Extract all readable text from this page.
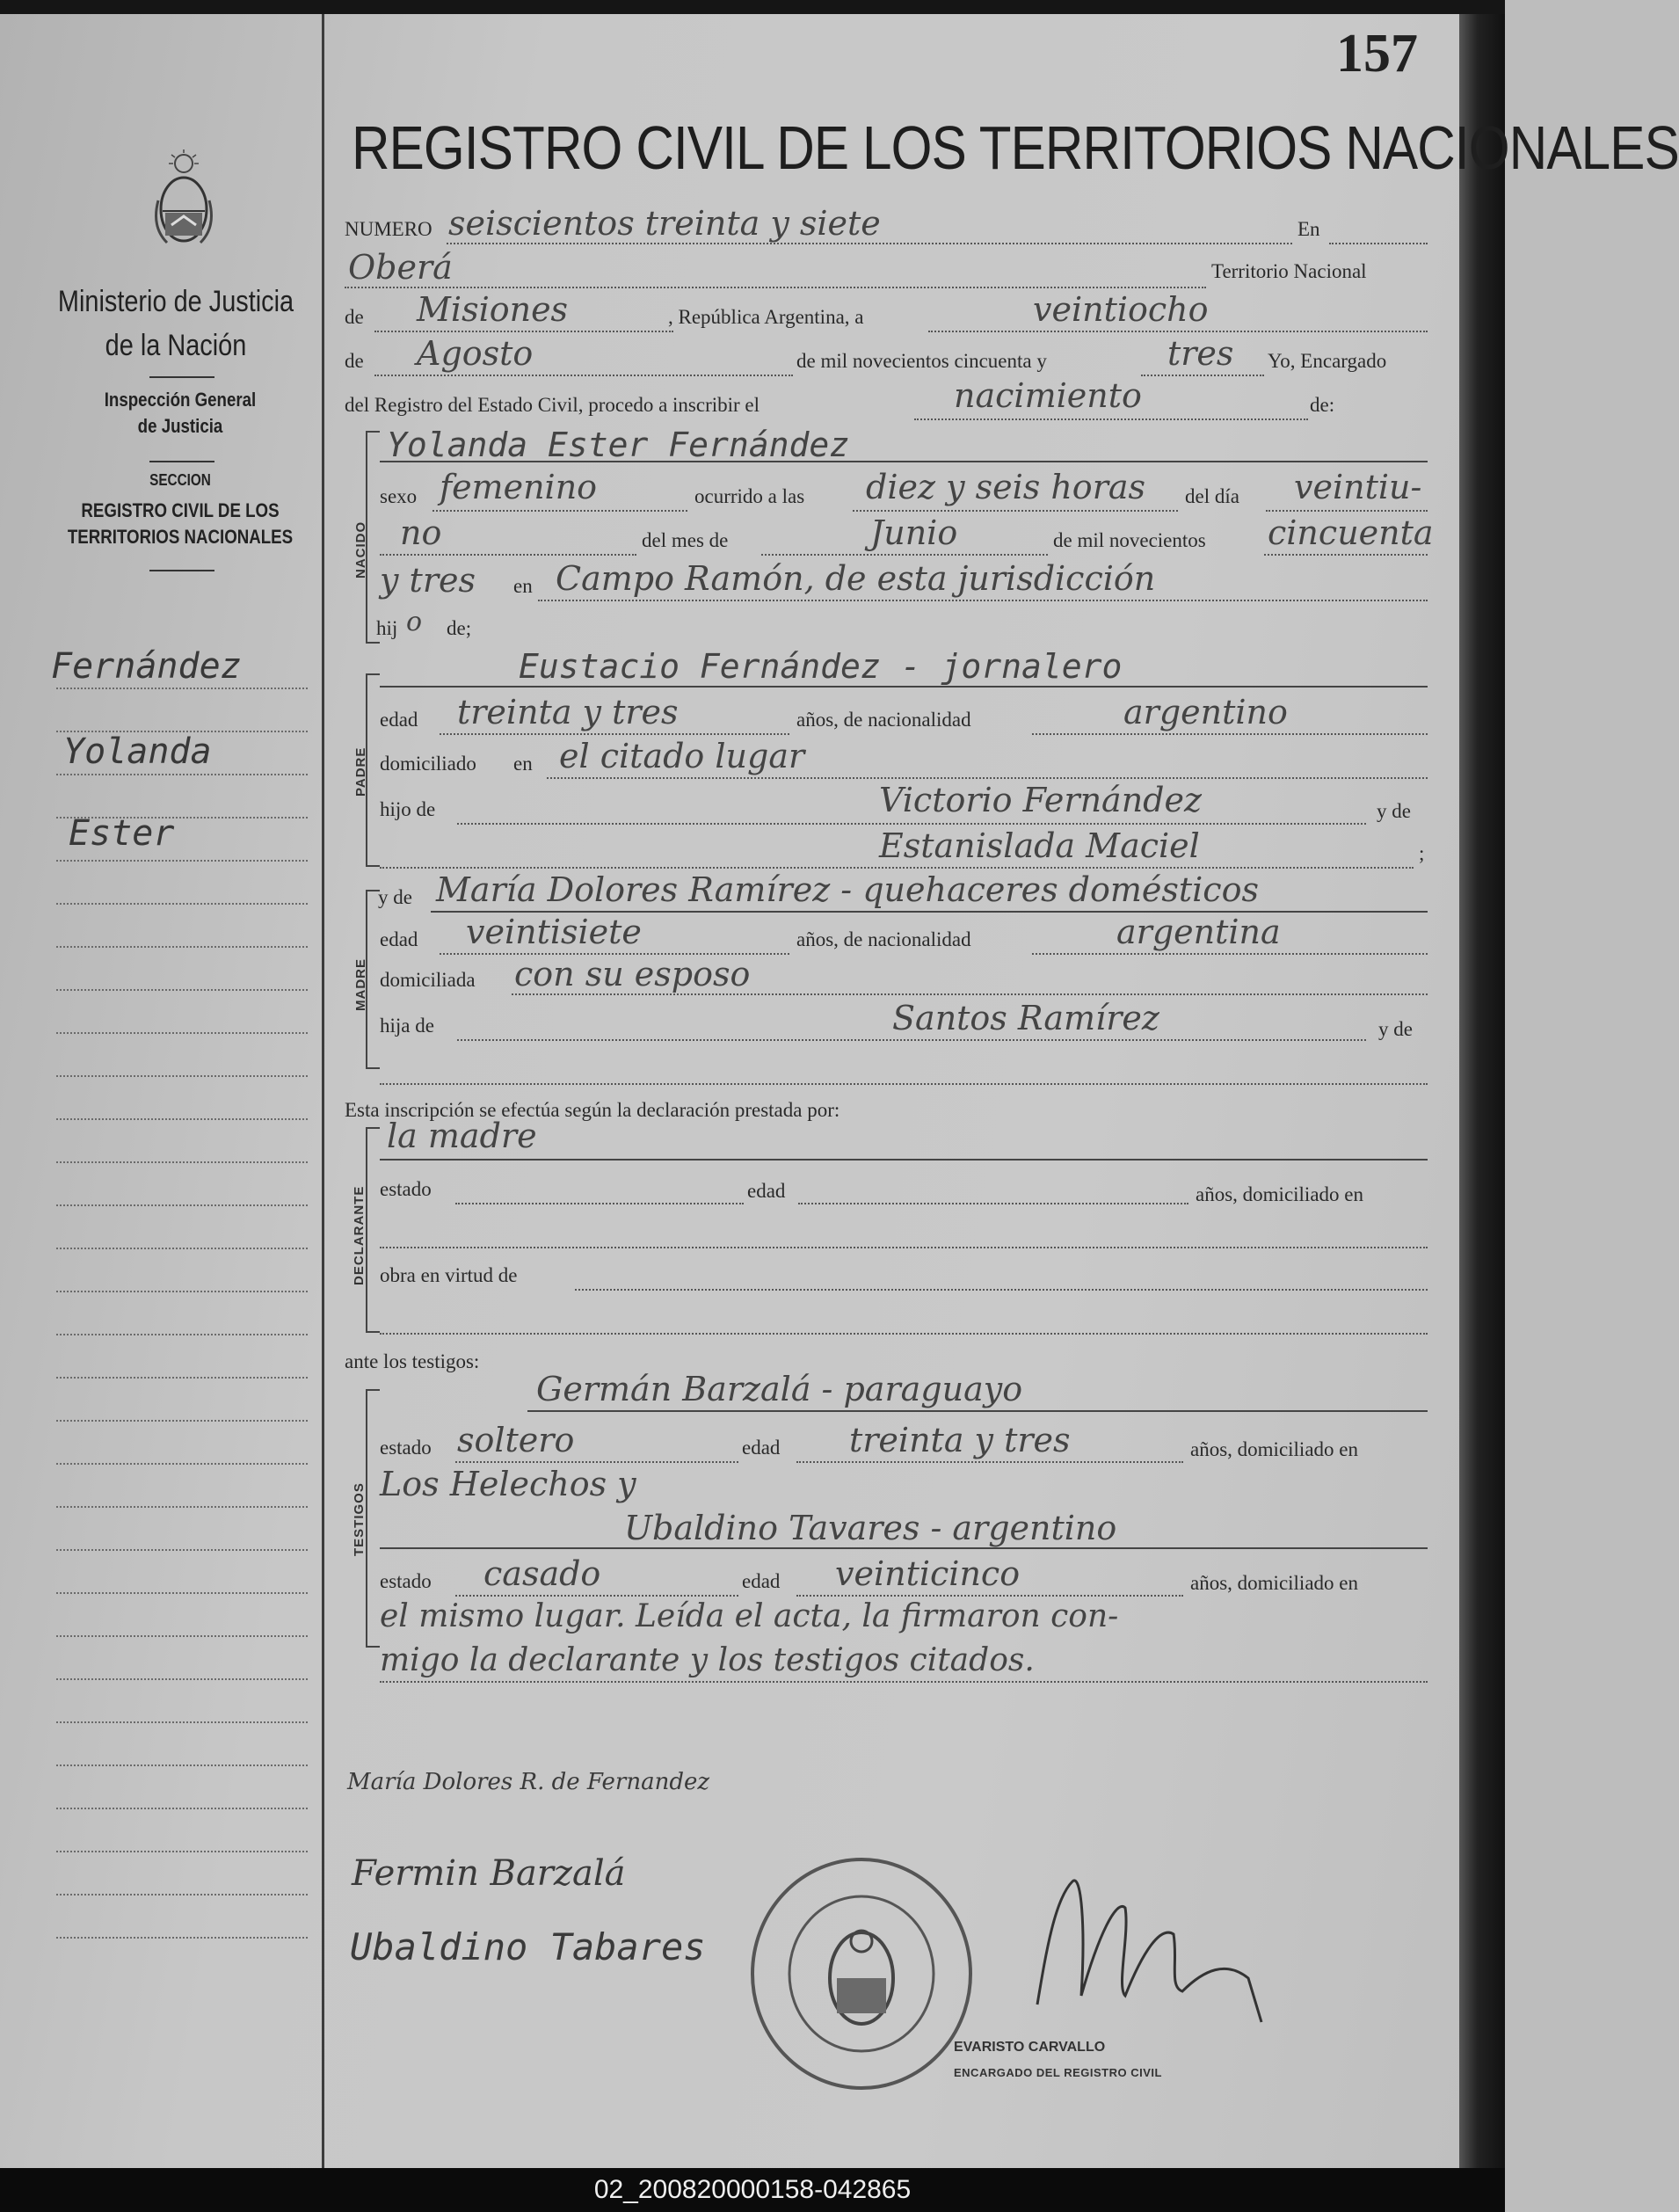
157
REGISTRO CIVIL DE LOS TERRITORIOS NACIONALES
Ministerio de Justicia
de la Nación
Inspección General
de Justicia
SECCION
REGISTRO CIVIL DE LOS
TERRITORIOS NACIONALES
Fernández
Yolanda
Ester
NUMERO seiscientos treinta y siete	En
Oberá	Territorio Nacional
de Misiones	, República Argentina, a	veintiocho
de Agosto	de mil novecientos cincuenta y	tres Yo, Encargado
del Registro del Estado Civil, procedo a inscribir el	nacimiento	de:
NACIDO
Yolanda Ester Fernández
sexo femenino	ocurrido a las diez y seis horas del día veintiu-
no	del mes de	Junio	de mil novecientos cincuenta
y tres en Campo Ramón, de esta jurisdicción
hij o de;
PADRE
Eustacio Fernández - jornalero
edad treinta y tres	años, de nacionalidad	argentino
domiciliado en el citado lugar
hijo de	Victorio Fernández	y de
Estanislada Maciel	;
MADRE
y de María Dolores Ramírez - quehaceres domésticos
edad veintisiete	años, de nacionalidad	argentina
domiciliada con su esposo
hija de	Santos Ramírez	y de
Esta inscripción se efectúa según la declaración prestada por:
DECLARANTE
la madre
estado	edad	años, domiciliado en
obra en virtud de
ante los testigos:
TESTIGOS
Germán Barzalá - paraguayo
estado soltero	edad treinta y tres	años, domiciliado en
Los Helechos y
Ubaldino Tavares - argentino
estado casado	edad veinticinco	años, domiciliado en
el mismo lugar. Leída el acta, la firmaron con-
migo la declarante y los testigos citados.
María Dolores R. de Fernandez
Fermin Barzalá
Ubaldino Tabares
EVARISTO CARVALLO
ENCARGADO DEL REGISTRO CIVIL
02_200820000158-042865
